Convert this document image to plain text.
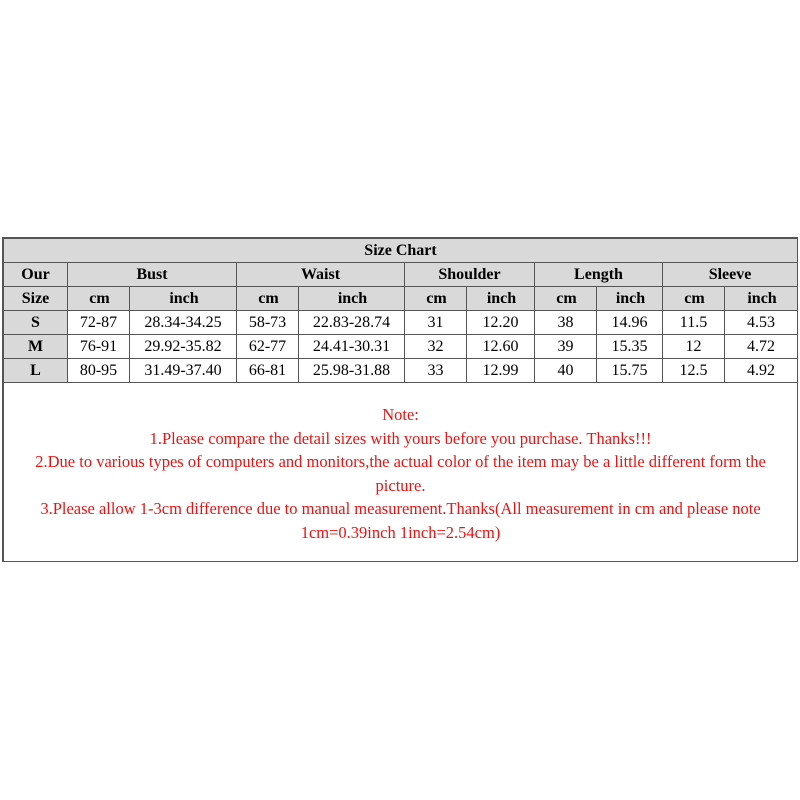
Size Chart										
Our	Bust		Waist		Shoulder		Length		Sleeve	
Size	cm	inch	cm	inch	cm	inch	cm	inch	cm	inch
S	72-87	28.34-34.25	58-73	22.83-28.74	31	12.20	38	14.96	11.5	4.53
M	76-91	29.92-35.82	62-77	24.41-30.31	32	12.60	39	15.35	12	4.72
L	80-95	31.49-37.40	66-81	25.98-31.88	33	12.99	40	15.75	12.5	4.92

Note:
1.Please compare the detail sizes with yours before you purchase. Thanks!!!
2.Due to various types of computers and monitors,the actual color of the item may be a little different form the picture.
3.Please allow 1-3cm difference due to manual measurement.Thanks(All measurement in cm and please note 1cm=0.39inch 1inch=2.54cm)										
